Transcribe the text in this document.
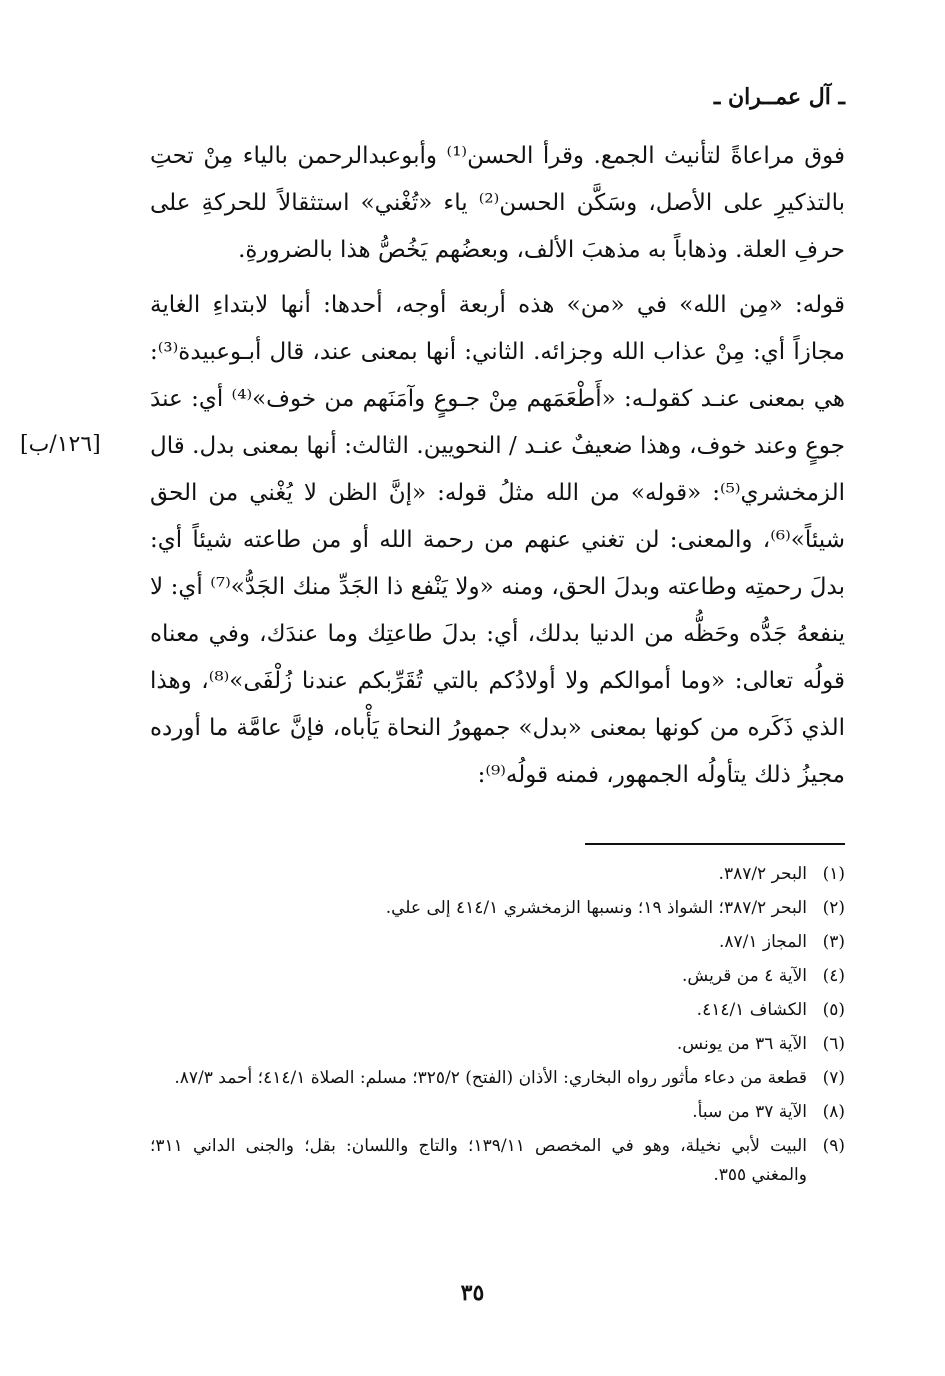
ـ آل عمــران ـ

فوق مراعاةً لتأنيث الجمع. وقرأ الحسن⁽¹⁾ وأبوعبدالرحمن بالياء مِنْ تحتِ بالتذكيرِ على الأصل، وسَكَّن الحسن⁽²⁾ ياء «تُغْني» استثقالاً للحركةِ على حرفِ العلة. وذهاباً به مذهبَ الألف، وبعضُهم يَخُصُّ هذا بالضرورةِ.

قوله: «مِن الله» في «من» هذه أربعة أوجه، أحدها: أنها لابتداءِ الغاية مجازاً أي: مِنْ عذاب الله وجزائه. الثاني: أنها بمعنى عند، قال أبـوعبيدة⁽³⁾: هي بمعنى عنـد كقولـه: «أَطْعَمَهم مِنْ جـوعٍ وآمَنَهم من خوف»⁽⁴⁾ أي: عندَ جوعٍ وعند خوف، وهذا ضعيفٌ عنـد / النحويين. الثالث: أنها بمعنى بدل. قال الزمخشري⁽⁵⁾: «قوله» من الله مثلُ قوله: «إنَّ الظن لا يُغْني من الحق شيئاً»⁽⁶⁾، والمعنى: لن تغني عنهم من رحمة الله أو من طاعته شيئاً أي: بدلَ رحمتِه وطاعته وبدلَ الحق، ومنه «ولا يَنْفع ذا الجَدِّ منك الجَدُّ»⁽⁷⁾ أي: لا ينفعهُ جَدُّه وحَظُّه من الدنيا بدلك، أي: بدلَ طاعتِك وما عندَك، وفي معناه قولُه تعالى: «وما أموالكم ولا أولادُكم بالتي تُقَرِّبكم عندنا زُلْفَى»⁽⁸⁾، وهذا الذي ذَكَره من كونها بمعنى «بدل» جمهورُ النحاة يَأْباه، فإنَّ عامَّة ما أورده مجيزُ ذلك يتأولُه الجمهور، فمنه قولُه⁽⁹⁾:

[١٢٦/ب]
(١)
البحر ٣٨٧/٢.
(٢)
البحر ٣٨٧/٢؛ الشواذ ١٩؛ ونسبها الزمخشري ٤١٤/١ إلى علي.
(٣)
المجاز ٨٧/١.
(٤)
الآية ٤ من قريش.
(٥)
الكشاف ٤١٤/١.
(٦)
الآية ٣٦ من يونس.
(٧)
قطعة من دعاء مأثور رواه البخاري: الأذان (الفتح) ٣٢٥/٢؛ مسلم: الصلاة ٤١٤/١؛ أحمد ٨٧/٣.
(٨)
الآية ٣٧ من سبأ.
(٩)
البيت لأبي نخيلة، وهو في المخصص ١٣٩/١١؛ والتاج واللسان: بقل؛ والجنى الداني ٣١١؛ والمغني ٣٥٥.
٣٥
